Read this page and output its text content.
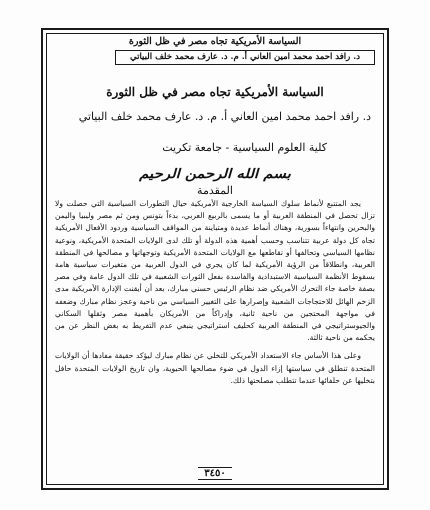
السياسة الأمريكية تجاه مصر في ظل الثورة
د. رافد احمد محمد امين العاني أ. م. د. عارف محمد خلف البياتي
السياسة الأمريكية تجاه مصر في ظل الثورة
د. رافد احمد محمد امين العاني أ. م. د. عارف محمد خلف البياتي
كلية العلوم السياسية - جامعة تكريت
بسم الله الرحمن الرحيم
المقدمة

يجد المتتبع لأنماط سلوك السياسة الخارجية الأمريكية حيال التطورات السياسية التي حصلت ولا تزال تحصل في المنطقة العربية أو ما يسمى بالربيع العربي، بدءاً بتونس ومن ثم مصر وليبيا واليمن والبحرين وانتهاءاً بسورية، وهناك أنماط عديدة ومتباينة من المواقف السياسية وردود الأفعال الأمريكية تجاه كل دولة عربية تتناسب وحسب أهمية هذه الدولة أو تلك لدى الولايات المتحدة الأمريكية، ونوعية نظامها السياسي وتحالفها أو تقاطعها مع الولايات المتحدة الأمريكية وتوجهاتها و مصالحها في المنطقة العربية، وانطلاقاً من الرؤية الأمريكية لما كان يجري في الدول العربية من متغيرات سياسية هامة بسقوط الأنظمة السياسية الاستبدادية والفاسدة بفعل الثورات الشعبية في تلك الدول عامة وفي مصر بصفة خاصة جاء التحرك الأمريكي ضد نظام الرئيس حسني مبارك، بعد أن أيقنت الإدارة الأمريكية مدى الزخم الهائل للاحتجاجات الشعبية وإصرارها على التغيير السياسي من ناحية وعجز نظام مبارك وضعفه في مواجهة المحتجين من ناحية ثانية، وإدراكاً من الأمريكان بأهمية مصر وثقلها السكاني والجيوستراتيجي في المنطقة العربية كحليف استراتيجي ينبغي عدم التفريط به بغض النظر عن من يحكمه من ناحية ثالثة.

وعلى هذا الأساس جاء الاستعداد الأمريكي للتخلي عن نظام مبارك ليؤكد حقيقة مفادها أن الولايات المتحدة تنطلق في سياستها إزاء الدول في ضوء مصالحها الحيوية، وان تاريخ الولايات المتحدة حافل بتخليها عن حلفائها عندما تتطلب مصلحتها ذلك.

٣٤٥٠
